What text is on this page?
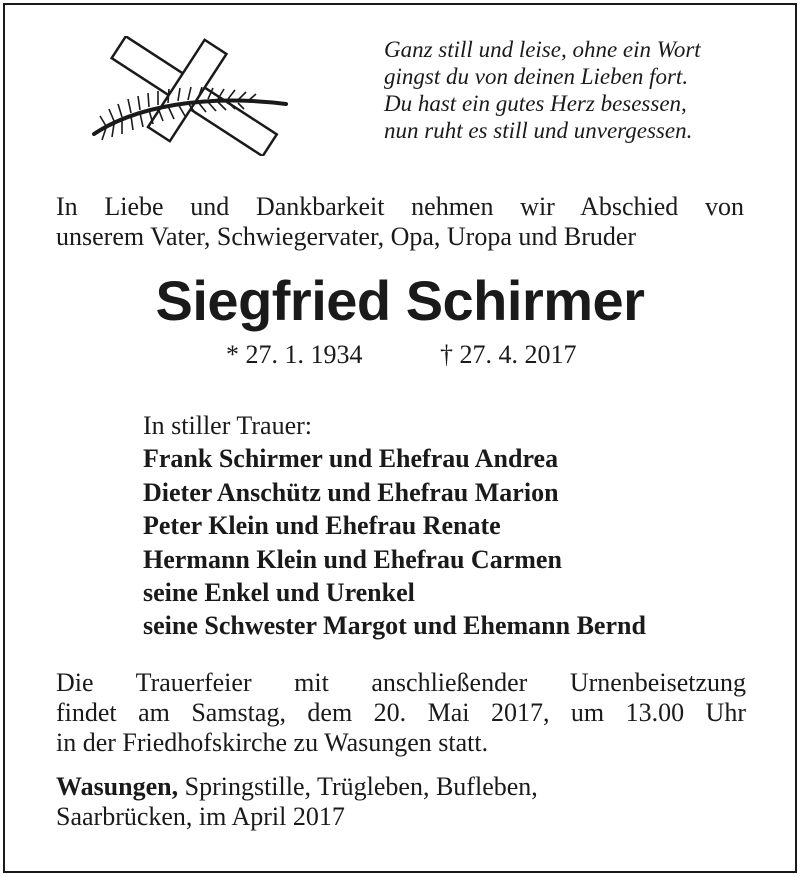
Ganz still und leise, ohne ein Wort
gingst du von deinen Lieben fort.
Du hast ein gutes Herz besessen,
nun ruht es still und unvergessen.
In Liebe und Dankbarkeit nehmen wir Abschied von
unserem Vater, Schwiegervater, Opa, Uropa und Bruder
Siegfried Schirmer
* 27. 1. 1934	† 27. 4. 2017
In stiller Trauer:
Frank Schirmer und Ehefrau Andrea
Dieter Anschütz und Ehefrau Marion
Peter Klein und Ehefrau Renate
Hermann Klein und Ehefrau Carmen
seine Enkel und Urenkel
seine Schwester Margot und Ehemann Bernd
Die Trauerfeier mit anschließender Urnenbeisetzung
findet am Samstag, dem 20. Mai 2017, um 13.00 Uhr
in der Friedhofskirche zu Wasungen statt.
Wasungen, Springstille, Trügleben, Bufleben,
Saarbrücken, im April 2017
